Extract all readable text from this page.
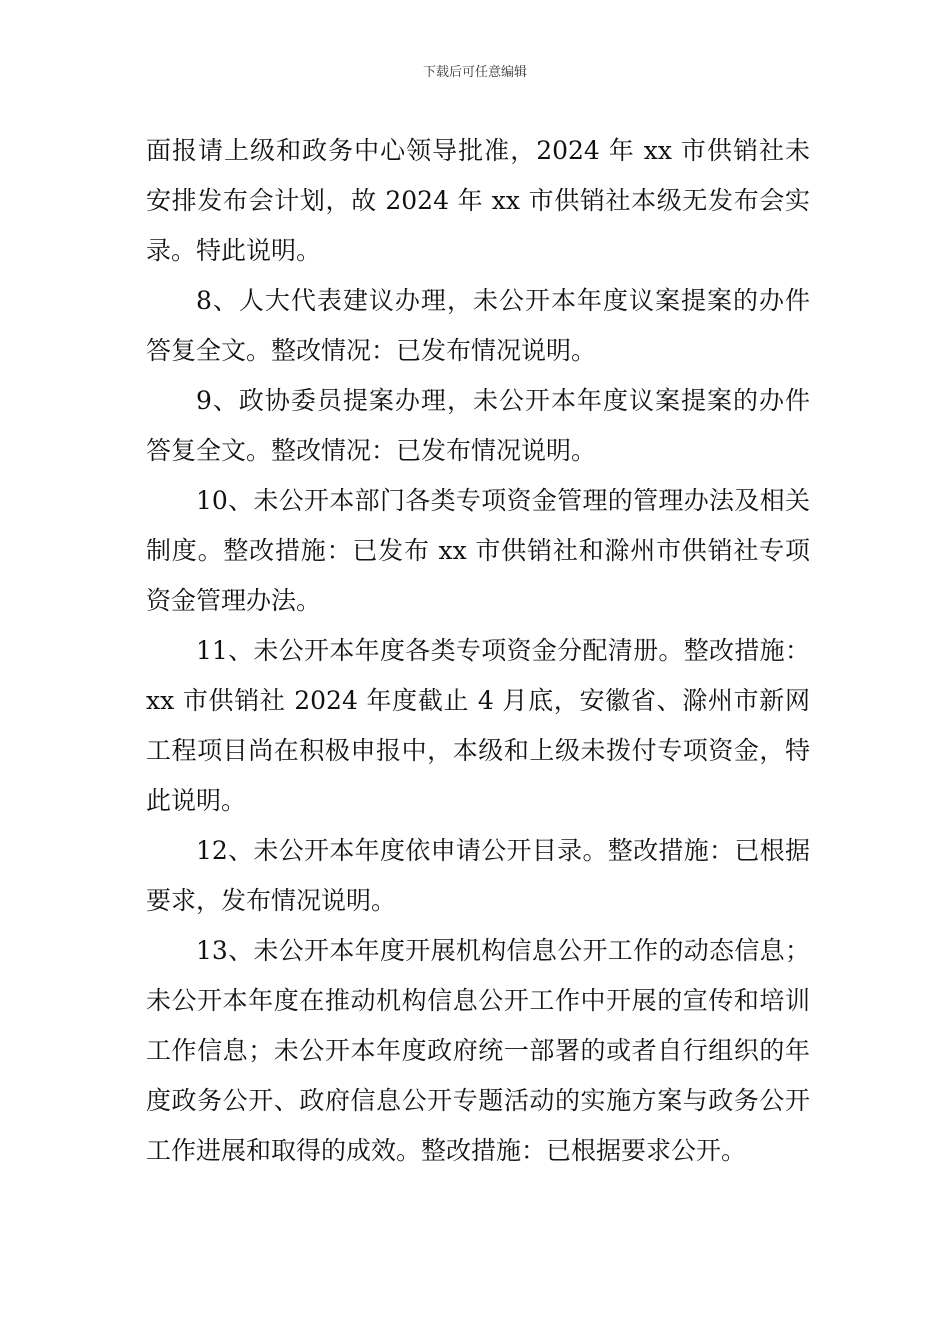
下载后可任意编辑

面报请上级和政务中心领导批准，2024 年 xx 市供销社未安排发布会计划，故 2024 年 xx 市供销社本级无发布会实录。特此说明。

8、人大代表建议办理，未公开本年度议案提案的办件答复全文。整改情况：已发布情况说明。

9、政协委员提案办理，未公开本年度议案提案的办件答复全文。整改情况：已发布情况说明。

10、未公开本部门各类专项资金管理的管理办法及相关制度。整改措施：已发布 xx 市供销社和滁州市供销社专项资金管理办法。

11、未公开本年度各类专项资金分配清册。整改措施：xx 市供销社 2024 年度截止 4 月底，安徽省、滁州市新网工程项目尚在积极申报中，本级和上级未拨付专项资金，特此说明。

12、未公开本年度依申请公开目录。整改措施：已根据要求，发布情况说明。

13、未公开本年度开展机构信息公开工作的动态信息；未公开本年度在推动机构信息公开工作中开展的宣传和培训工作信息；未公开本年度政府统一部署的或者自行组织的年度政务公开、政府信息公开专题活动的实施方案与政务公开工作进展和取得的成效。整改措施：已根据要求公开。
